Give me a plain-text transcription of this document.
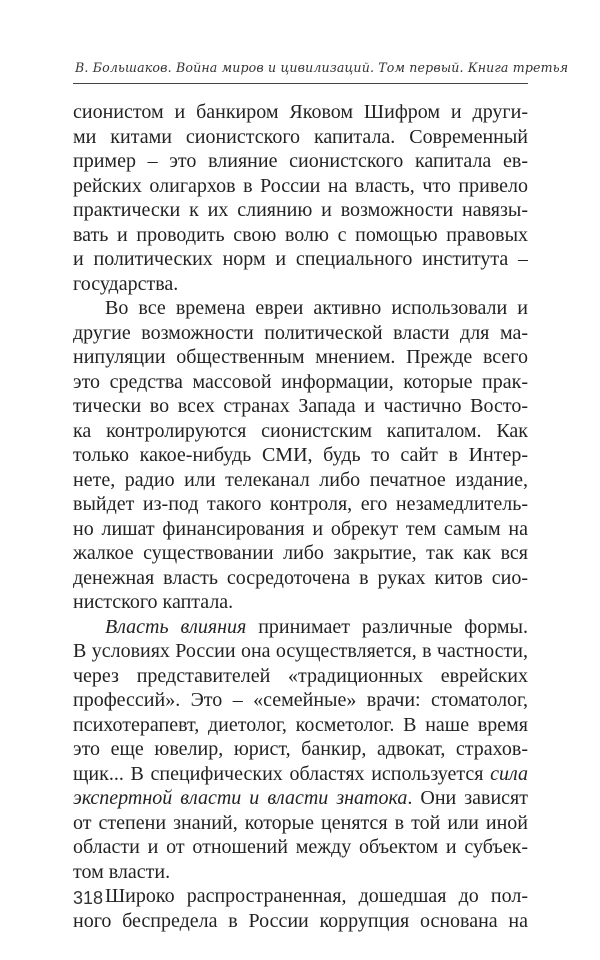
В. Большаков. Война миров и цивилизаций. Том первый. Книга третья
сионистом и банкиром Яковом Шифром и други-
ми китами сионистского капитала. Современный
пример – это влияние сионистского капитала ев-
рейских олигархов в России на власть, что привело
практически к их слиянию и возможности навязы-
вать и проводить свою волю с помощью правовых
и политических норм и специального института –
государства.
Во все времена евреи активно использовали и
другие возможности политической власти для ма-
нипуляции общественным мнением. Прежде всего
это средства массовой информации, которые прак-
тически во всех странах Запада и частично Восто-
ка контролируются сионистским капиталом. Как
только какое-нибудь СМИ, будь то сайт в Интер-
нете, радио или телеканал либо печатное издание,
выйдет из-под такого контроля, его незамедлитель-
но лишат финансирования и обрекут тем самым на
жалкое существовании либо закрытие, так как вся
денежная власть сосредоточена в руках китов сио-
нистского каптала.
Власть влияния принимает различные формы.
В условиях России она осуществляется, в частности,
через представителей «традиционных еврейских
профессий». Это – «семейные» врачи: стоматолог,
психотерапевт, диетолог, косметолог. В наше время
это еще ювелир, юрист, банкир, адвокат, страхов-
щик... В специфических областях используется сила
экспертной власти и власти знатока. Они зависят
от степени знаний, которые ценятся в той или иной
области и от отношений между объектом и субъек-
том власти.
Широко распространенная, дошедшая до пол-
ного беспредела в России коррупция основана на
318
